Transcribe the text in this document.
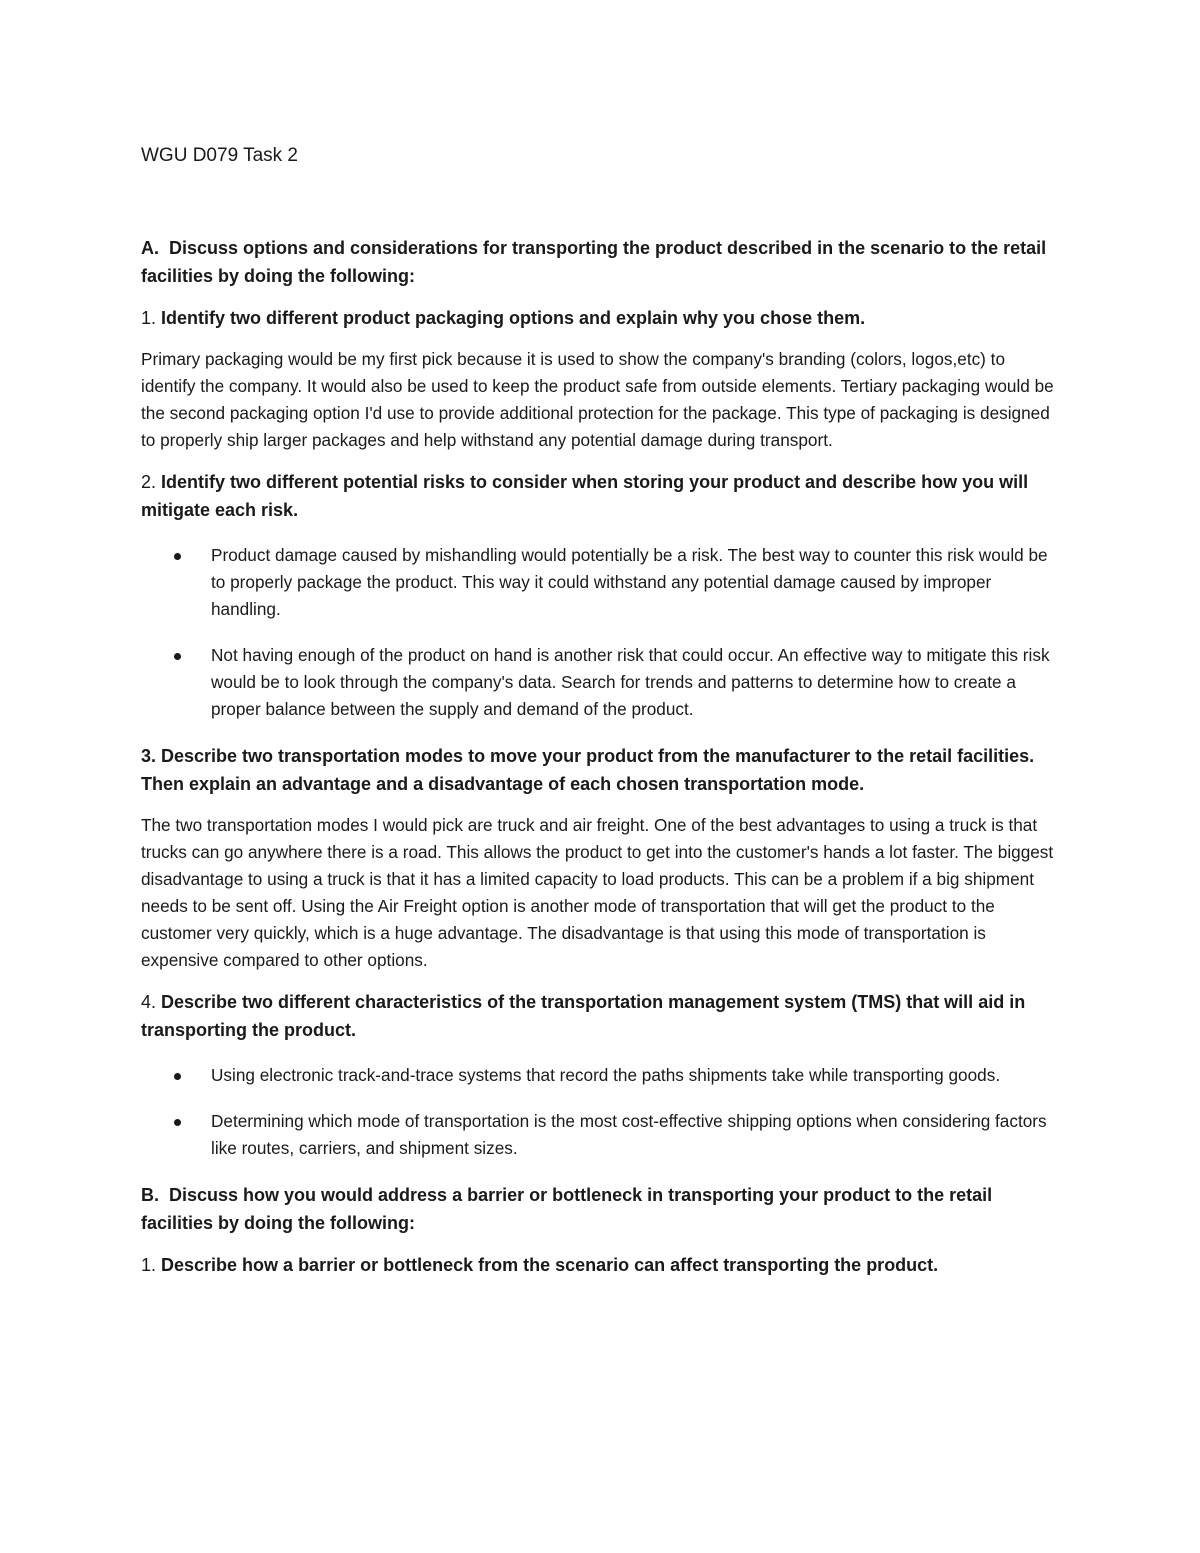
WGU D079 Task 2
A.  Discuss options and considerations for transporting the product described in the scenario to the retail facilities by doing the following:
1. Identify two different product packaging options and explain why you chose them.

Primary packaging would be my first pick because it is used to show the company's branding (colors, logos,etc) to identify the company. It would also be used to keep the product safe from outside elements. Tertiary packaging would be the second packaging option I'd use to provide additional protection for the package. This type of packaging is designed to properly ship larger packages and help withstand any potential damage during transport.

2. Identify two different potential risks to consider when storing your product and describe how you will mitigate each risk.
Product damage caused by mishandling would potentially be a risk. The best way to counter this risk would be to properly package the product. This way it could withstand any potential damage caused by improper handling.
Not having enough of the product on hand is another risk that could occur. An effective way to mitigate this risk would be to look through the company's data. Search for trends and patterns to determine how to create a proper balance between the supply and demand of the product.
3. Describe two transportation modes to move your product from the manufacturer to the retail facilities. Then explain an advantage and a disadvantage of each chosen transportation mode.

The two transportation modes I would pick are truck and air freight. One of the best advantages to using a truck is that trucks can go anywhere there is a road. This allows the product to get into the customer's hands a lot faster. The biggest disadvantage to using a truck is that it has a limited capacity to load products. This can be a problem if a big shipment needs to be sent off. Using the Air Freight option is another mode of transportation that will get the product to the customer very quickly, which is a huge advantage. The disadvantage is that using this mode of transportation is expensive compared to other options.

4. Describe two different characteristics of the transportation management system (TMS) that will aid in transporting the product.
Using electronic track-and-trace systems that record the paths shipments take while transporting goods.
Determining which mode of transportation is the most cost-effective shipping options when considering factors like routes, carriers, and shipment sizes.
B.  Discuss how you would address a barrier or bottleneck in transporting your product to the retail facilities by doing the following:
1. Describe how a barrier or bottleneck from the scenario can affect transporting the product.
